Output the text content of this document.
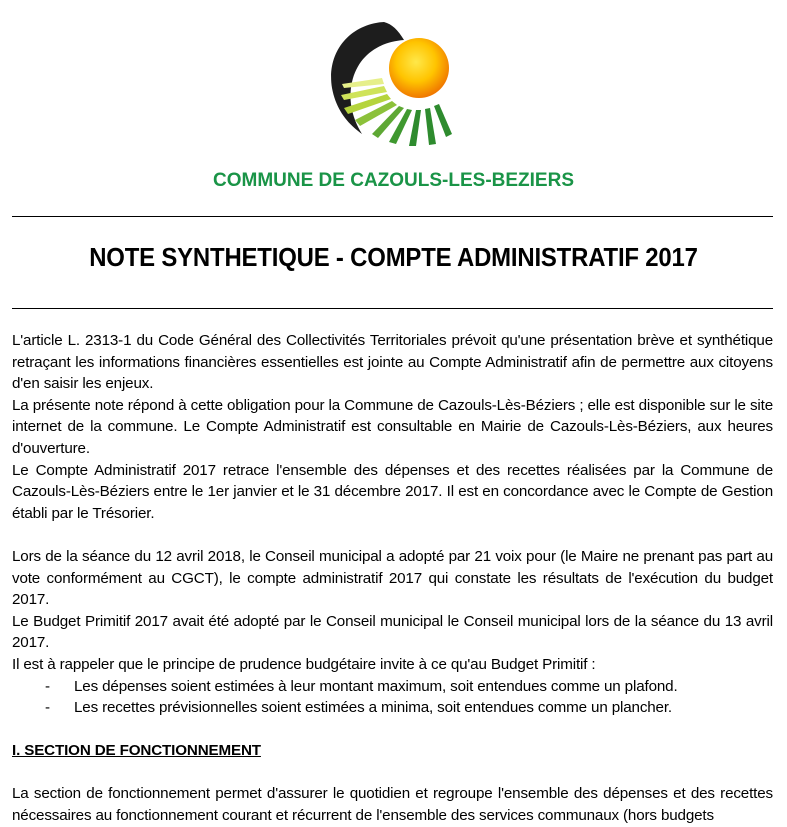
COMMUNE DE CAZOULS-LES-BEZIERS
NOTE SYNTHETIQUE - COMPTE ADMINISTRATIF 2017

L'article L. 2313-1 du Code Général des Collectivités Territoriales prévoit qu'une présentation brève et synthétique retraçant les informations financières essentielles est jointe au Compte Administratif afin de permettre aux citoyens d'en saisir les enjeux.

La présente note répond à cette obligation pour la Commune de Cazouls-Lès-Béziers ; elle est disponible sur le site internet de la commune. Le Compte Administratif est consultable en Mairie de Cazouls-Lès-Béziers, aux heures d'ouverture.

Le Compte Administratif 2017 retrace l'ensemble des dépenses et des recettes réalisées par la Commune de Cazouls-Lès-Béziers entre le 1er janvier et le 31 décembre 2017. Il est en concordance avec le Compte de Gestion établi par le Trésorier.

Lors de la séance du 12 avril 2018, le Conseil municipal a adopté par 21 voix pour (le Maire ne prenant pas part au vote conformément au CGCT), le compte administratif 2017 qui constate les résultats de l'exécution du budget 2017.

Le Budget Primitif 2017 avait été adopté par le Conseil municipal le Conseil municipal lors de la séance du 13 avril 2017.

Il est à rappeler que le principe de prudence budgétaire invite à ce qu'au Budget Primitif :

- Les dépenses soient estimées à leur montant maximum, soit entendues comme un plafond.

- Les recettes prévisionnelles soient estimées a minima, soit entendues comme un plancher.

I. SECTION DE FONCTIONNEMENT

La section de fonctionnement permet d'assurer le quotidien et regroupe l'ensemble des dépenses et des recettes nécessaires au fonctionnement courant et récurrent de l'ensemble des services communaux (hors budgets
